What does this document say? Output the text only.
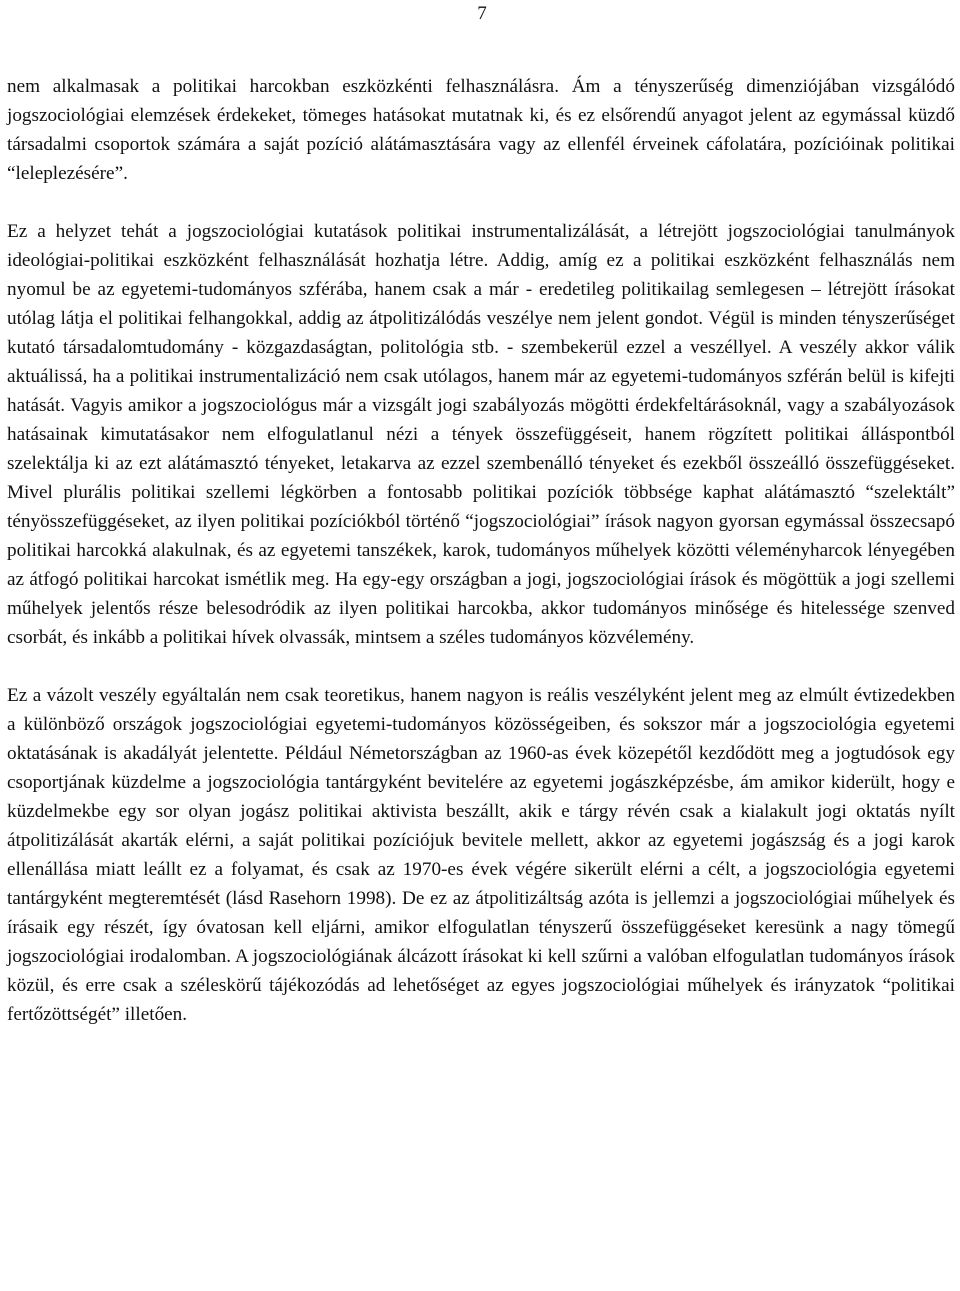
7

nem alkalmasak a politikai harcokban eszközkénti felhasználásra. Ám a tényszerűség dimenziójában vizsgálódó jogszociológiai elemzések érdekeket, tömeges hatásokat mutatnak ki, és ez elsőrendű anyagot jelent az egymással küzdő társadalmi csoportok számára a saját pozíció alátámasztására vagy az ellenfél érveinek cáfolatára, pozícióinak politikai “leleplezésére”.

Ez a helyzet tehát a jogszociológiai kutatások politikai instrumentalizálását, a létrejött jogszociológiai tanulmányok ideológiai-politikai eszközként felhasználását hozhatja létre. Addig, amíg ez a politikai eszközként felhasználás nem nyomul be az egyetemi-tudományos szférába, hanem csak a már - eredetileg politikailag semlegesen – létrejött írásokat utólag látja el politikai felhangokkal, addig az átpolitizálódás veszélye nem jelent gondot. Végül is minden tényszerűséget kutató társadalomtudomány - közgazdaságtan, politológia stb. - szembekerül ezzel a veszéllyel. A veszély akkor válik aktuálissá, ha a politikai instrumentalizáció nem csak utólagos, hanem már az egyetemi-tudományos szférán belül is kifejti hatását. Vagyis amikor a jogszociológus már a vizsgált jogi szabályozás mögötti érdekfeltárásoknál, vagy a szabályozások hatásainak kimutatásakor nem elfogulatlanul nézi a tények összefüggéseit, hanem rögzített politikai álláspontból szelektálja ki az ezt alátámasztó tényeket, letakarva az ezzel szembenálló tényeket és ezekből összeálló összefüggéseket. Mivel plurális politikai szellemi légkörben a fontosabb politikai pozíciók többsége kaphat alátámasztó “szelektált” tényösszefüggéseket, az ilyen politikai pozíciókból történő “jogszociológiai” írások nagyon gyorsan egymással összecsapó politikai harcokká alakulnak, és az egyetemi tanszékek, karok, tudományos műhelyek közötti véleményharcok lényegében az átfogó politikai harcokat ismétlik meg. Ha egy-egy országban a jogi, jogszociológiai írások és mögöttük a jogi szellemi műhelyek jelentős része belesodródik az ilyen politikai harcokba, akkor tudományos minősége és hitelessége szenved csorbát, és inkább a politikai hívek olvassák, mintsem a széles tudományos közvélemény.

Ez a vázolt veszély egyáltalán nem csak teoretikus, hanem nagyon is reális veszélyként jelent meg az elmúlt évtizedekben a különböző országok jogszociológiai egyetemi-tudományos közösségeiben, és sokszor már a jogszociológia egyetemi oktatásának is akadályát jelentette. Például Németországban az 1960-as évek közepétől kezdődött meg a jogtudósok egy csoportjának küzdelme a jogszociológia tantárgyként bevitelére az egyetemi jogászképzésbe, ám amikor kiderült, hogy e küzdelmekbe egy sor olyan jogász politikai aktivista beszállt, akik e tárgy révén csak a kialakult jogi oktatás nyílt átpolitizálását akarták elérni, a saját politikai pozíciójuk bevitele mellett, akkor az egyetemi jogászság és a jogi karok ellenállása miatt leállt ez a folyamat, és csak az 1970-es évek végére sikerült elérni a célt, a jogszociológia egyetemi tantárgyként megteremtését (lásd Rasehorn 1998). De ez az átpolitizáltság azóta is jellemzi a jogszociológiai műhelyek és írásaik egy részét, így óvatosan kell eljárni, amikor elfogulatlan tényszerű összefüggéseket keresünk a nagy tömegű jogszociológiai irodalomban. A jogszociológiának álcázott írásokat ki kell szűrni a valóban elfogulatlan tudományos írások közül, és erre csak a széleskörű tájékozódás ad lehetőséget az egyes jogszociológiai műhelyek és irányzatok “politikai fertőzöttségét” illetően.
